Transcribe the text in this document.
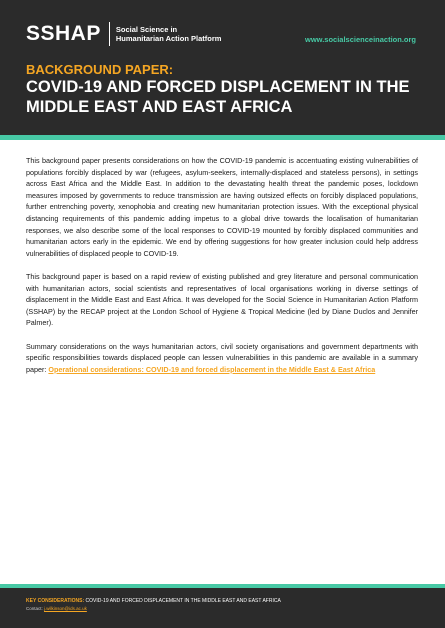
SSHAP Social Science in
Humanitarian Action Platform	www.socialscienceinaction.org
BACKGROUND PAPER:
COVID-19 AND FORCED DISPLACEMENT IN THE MIDDLE EAST AND EAST AFRICA

This background paper presents considerations on how the COVID-19 pandemic is accentuating existing vulnerabilities of populations forcibly displaced by war (refugees, asylum-seekers, internally-displaced and stateless persons), in settings across East Africa and the Middle East. In addition to the devastating health threat the pandemic poses, lockdown measures imposed by governments to reduce transmission are having outsized effects on forcibly displaced populations, further entrenching poverty, xenophobia and creating new humanitarian protection issues. With the exceptional physical distancing requirements of this pandemic adding impetus to a global drive towards the localisation of humanitarian responses, we also describe some of the local responses to COVID-19 mounted by forcibly displaced communities and humanitarian actors early in the epidemic. We end by offering suggestions for how greater inclusion could help address vulnerabilities of displaced people to COVID-19.

This background paper is based on a rapid review of existing published and grey literature and personal communication with humanitarian actors, social scientists and representatives of local organisations working in diverse settings of displacement in the Middle East and East Africa. It was developed for the Social Science in Humanitarian Action Platform (SSHAP) by the RECAP project at the London School of Hygiene & Tropical Medicine (led by Diane Duclos and Jennifer Palmer).

Summary considerations on the ways humanitarian actors, civil society organisations and government departments with specific responsibilities towards displaced people can lessen vulnerabilities in this pandemic are available in a summary paper: Operational considerations: COVID-19 and forced displacement in the Middle East & East Africa

KEY CONSIDERATIONS: COVID-19 AND FORCED DISPLACEMENT IN THE MIDDLE EAST AND EAST AFRICA
Contact: j.wilkinson@ids.ac.uk
